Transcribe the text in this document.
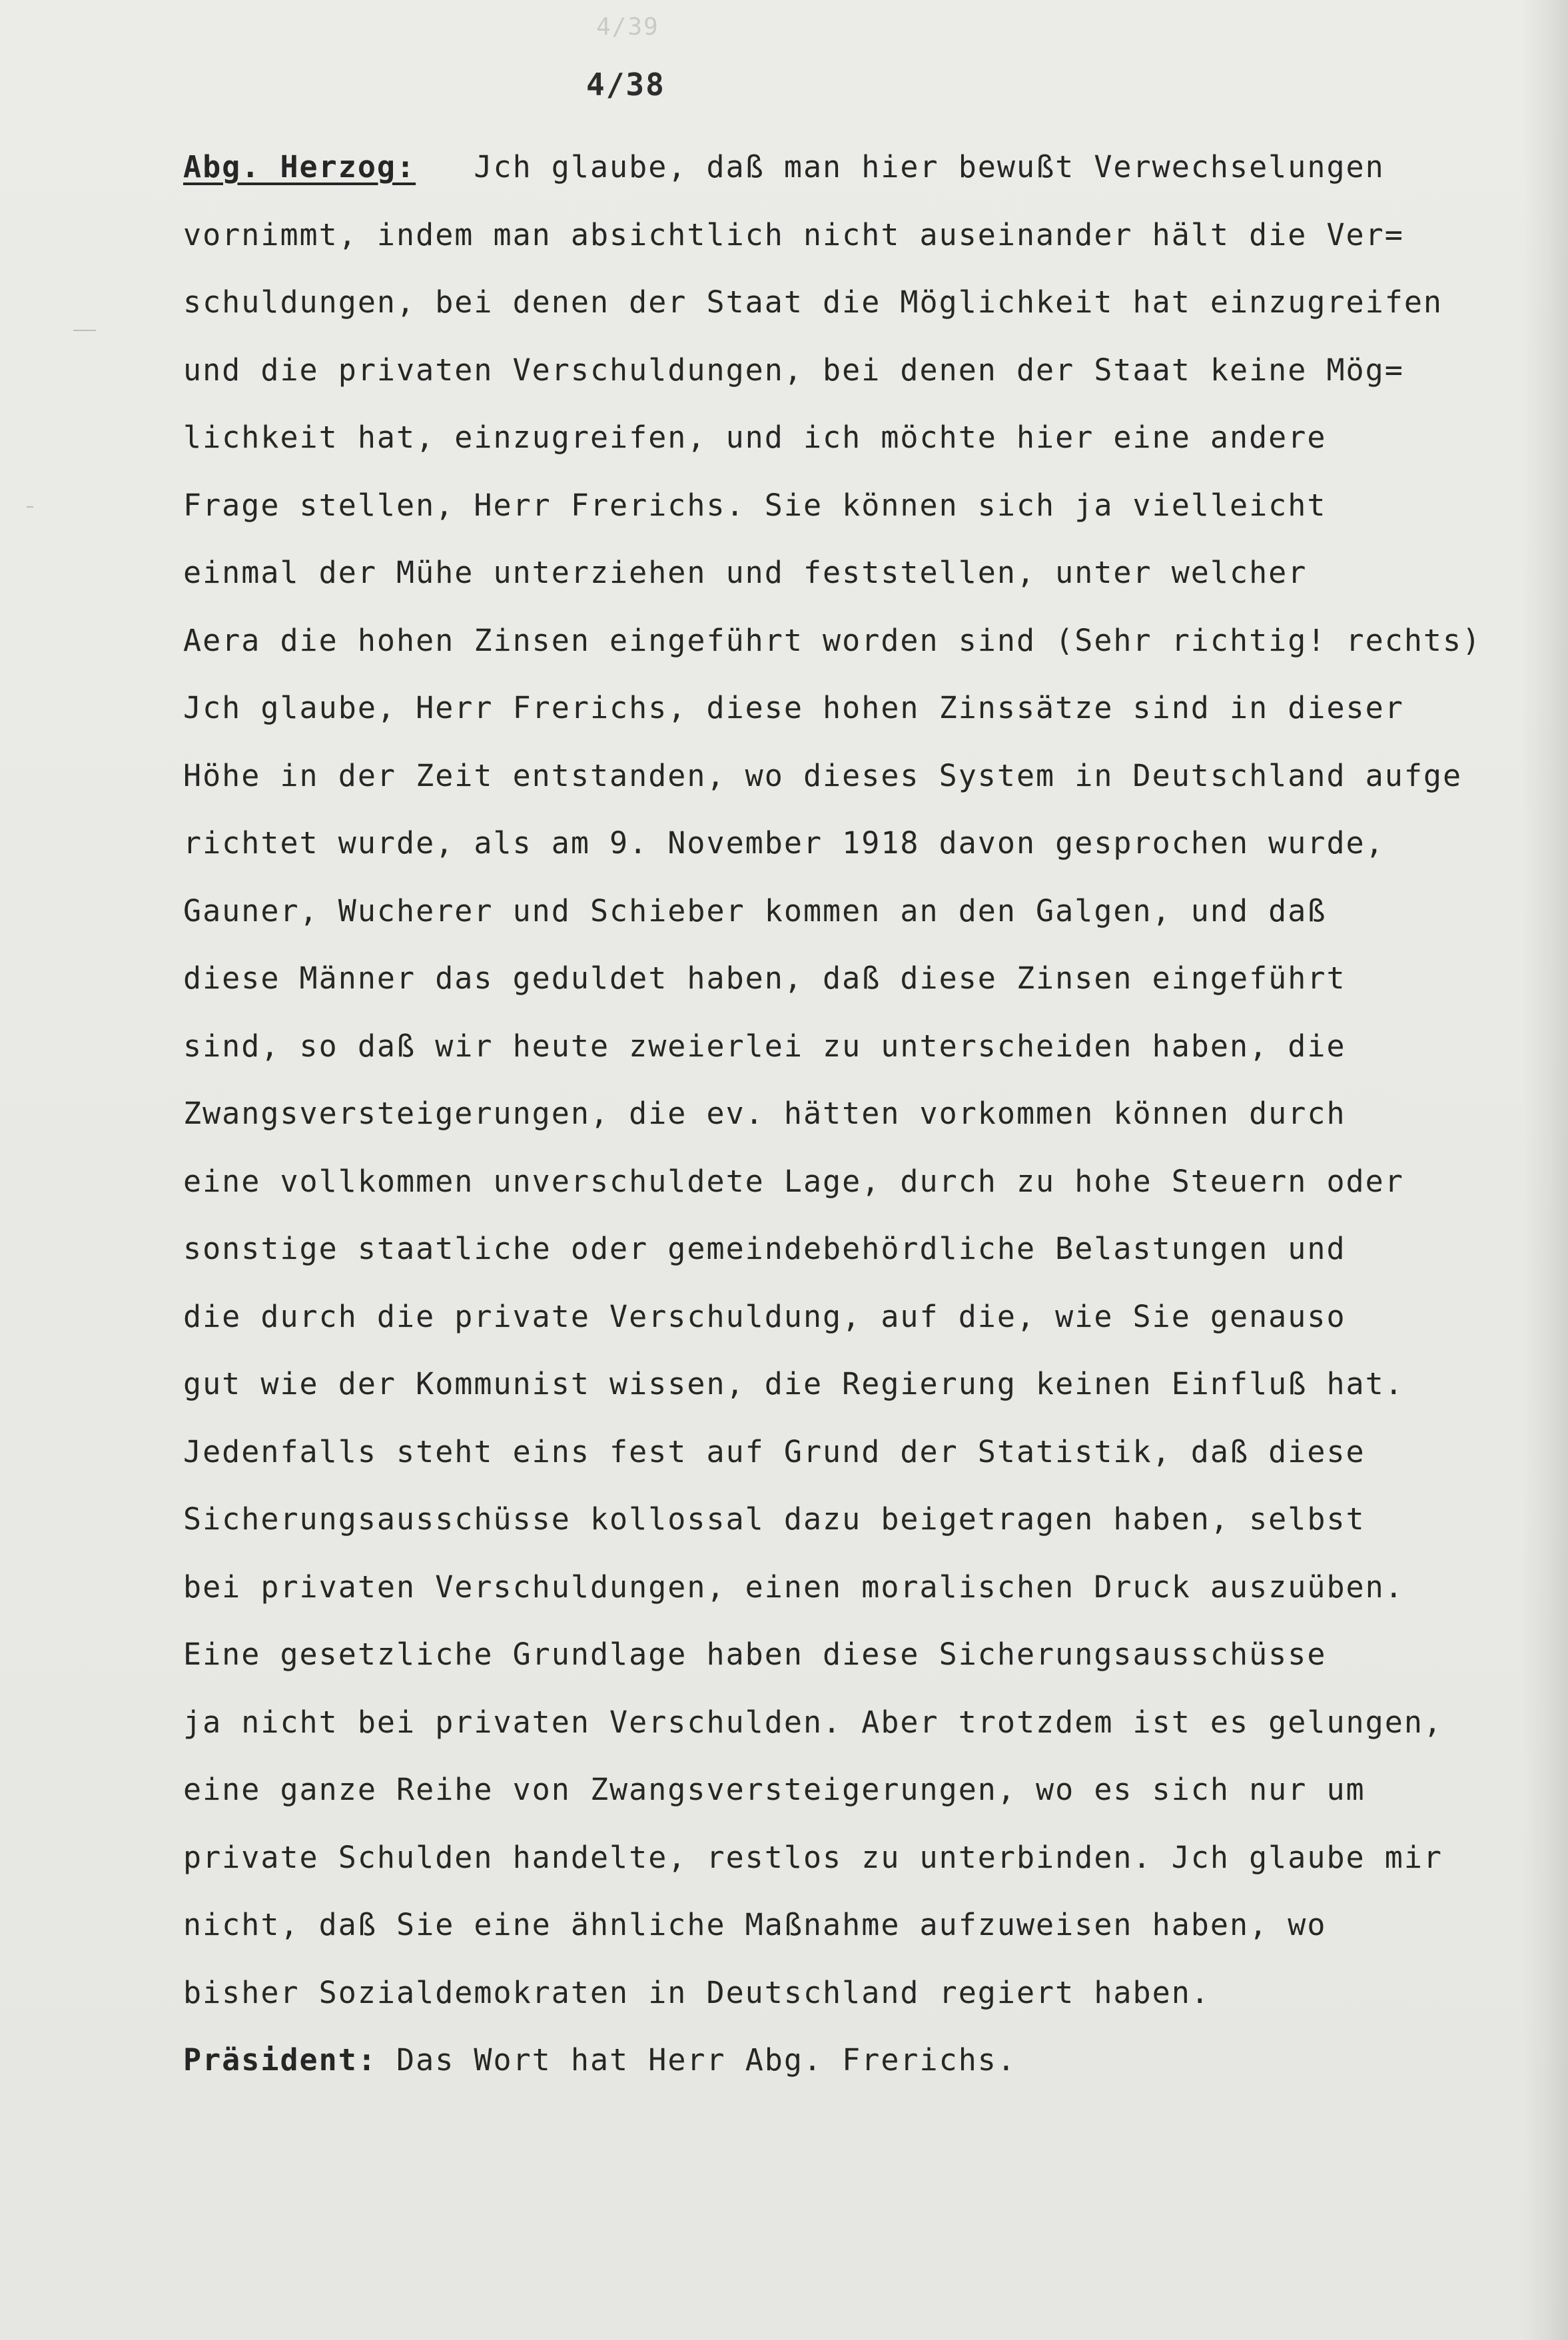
4/39
4/38
Abg. Herzog: Jch glaube, daß man hier bewußt Verwechselungen
vornimmt, indem man absichtlich nicht auseinander hält die Ver=
schuldungen, bei denen der Staat die Möglichkeit hat einzugreifen
und die privaten Verschuldungen, bei denen der Staat keine Mög=
lichkeit hat, einzugreifen, und ich möchte hier eine andere
Frage stellen, Herr Frerichs. Sie können sich ja vielleicht
einmal der Mühe unterziehen und feststellen, unter welcher
Aera die hohen Zinsen eingeführt worden sind (Sehr richtig! rechts)
Jch glaube, Herr Frerichs, diese hohen Zinssätze sind in dieser
Höhe in der Zeit entstanden, wo dieses System in Deutschland aufge
richtet wurde, als am 9. November 1918 davon gesprochen wurde,
Gauner, Wucherer und Schieber kommen an den Galgen, und daß
diese Männer das geduldet haben, daß diese Zinsen eingeführt
sind, so daß wir heute zweierlei zu unterscheiden haben, die
Zwangsversteigerungen, die ev. hätten vorkommen können durch
eine vollkommen unverschuldete Lage, durch zu hohe Steuern oder
sonstige staatliche oder gemeindebehördliche Belastungen und
die durch die private Verschuldung, auf die, wie Sie genauso
gut wie der Kommunist wissen, die Regierung keinen Einfluß hat.
Jedenfalls steht eins fest auf Grund der Statistik, daß diese
Sicherungsausschüsse kollossal dazu beigetragen haben, selbst
bei privaten Verschuldungen, einen moralischen Druck auszuüben.
Eine gesetzliche Grundlage haben diese Sicherungsausschüsse
ja nicht bei privaten Verschulden. Aber trotzdem ist es gelungen,
eine ganze Reihe von Zwangsversteigerungen, wo es sich nur um
private Schulden handelte, restlos zu unterbinden. Jch glaube mir
nicht, daß Sie eine ähnliche Maßnahme aufzuweisen haben, wo
bisher Sozialdemokraten in Deutschland regiert haben.
Präsident: Das Wort hat Herr Abg. Frerichs.
